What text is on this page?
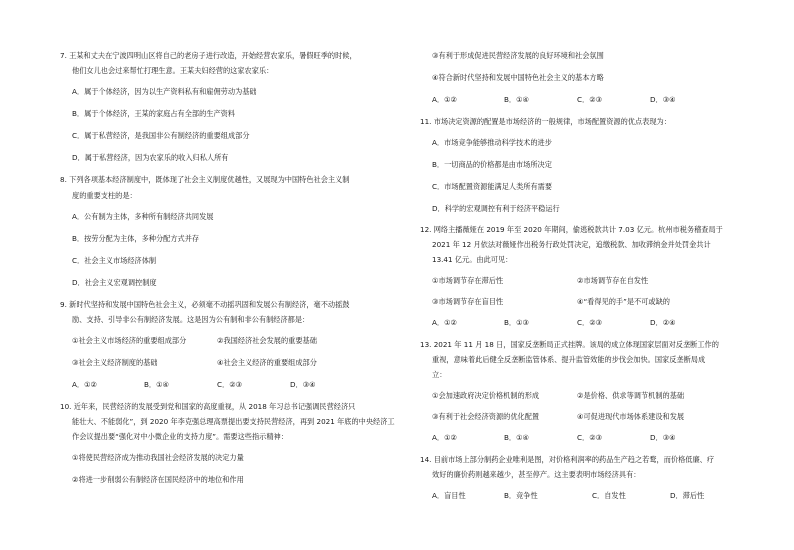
7. 王某和丈夫在宁波四明山区将自己的老房子进行改造，开始经营农家乐，暑假旺季的时候，
他们女儿也会过来帮忙打理生意。王某夫妇经营的这家农家乐：
A．属于个体经济，因为以生产资料私有和雇佣劳动为基础
B．属于个体经济，王某的家庭占有全部的生产资料
C．属于私营经济，是我国非公有制经济的重要组成部分
D．属于私营经济，因为农家乐的收入归私人所有
8. 下列各项基本经济制度中，既体现了社会主义制度优越性，又展现为中国特色社会主义制
度的重要支柱的是：
A．公有制为主体，多种所有制经济共同发展
B．按劳分配为主体，多种分配方式并存
C．社会主义市场经济体制
D．社会主义宏观调控制度
9. 新时代坚持和发展中国特色社会主义，必须毫不动摇巩固和发展公有制经济，毫不动摇鼓
励、支持、引导非公有制经济发展。这是因为公有制和非公有制经济都是：
①社会主义市场经济的重要组成部分	②我国经济社会发展的重要基础
③社会主义经济制度的基础	④社会主义经济的重要组成部分
A．①②	B．①④	C．②③	D．③④
10. 近年来，民营经济的发展受到党和国家的高度重视，从 2018 年习总书记强调民营经济只
能壮大、不能弱化”，到 2020 年李克强总理高票提出要支持民营经济，再到 2021 年底的中央经济工
作会议提出要“强化对中小微企业的支持力度”。需要这些指示精神：
①将使民营经济成为推动我国社会经济发展的决定力量
②将进一步削弱公有制经济在国民经济中的地位和作用
③有利于形成促进民营经济发展的良好环境和社会氛围
④符合新时代坚持和发展中国特色社会主义的基本方略
A．①②	B．①④	C．②③	D．③④
11. 市场决定资源的配置是市场经济的一般规律，市场配置资源的优点表现为：
A．市场竞争能够推动科学技术的进步
B．一切商品的价格都是由市场所决定
C．市场配置资源能满足人类所有需要
D．科学的宏观调控有利于经济平稳运行
12. 网络主播薇娅在 2019 年至 2020 年期间，偷逃税款共计 7.03 亿元。杭州市税务稽查局于
2021 年 12 月依法对薇娅作出税务行政处罚决定，追缴税款、加收滞纳金并处罚金共计
13.41 亿元。由此可见：
①市场调节存在滞后性	②市场调节存在自发性
③市场调节存在盲目性	④“看得见的手”是不可或缺的
A．①②	B．①③	C．②③	D．②④
13. 2021 年 11 月 18 日，国家反垄断局正式挂牌。该局的成立体现国家层面对反垄断工作的
重视，意味着此后健全反垄断监管体系、提升监管效能的步伐会加快。国家反垄断局成
立：
①会加速政府决定价格机制的形成	②是价格、供求等调节机制的基础
③有利于社会经济资源的优化配置	④可促进现代市场体系建设和发展
A．①②	B．①④	C．②③	D．③④
14. 目前市场上部分制药企业唯利是图，对价格利润率的药品生产趋之若鹜，而价格低廉、疗
效好的廉价药则越来越少，甚至停产。这主要表明市场经济具有：
A．盲目性	B．竞争性	C．自发性	D．滞后性
